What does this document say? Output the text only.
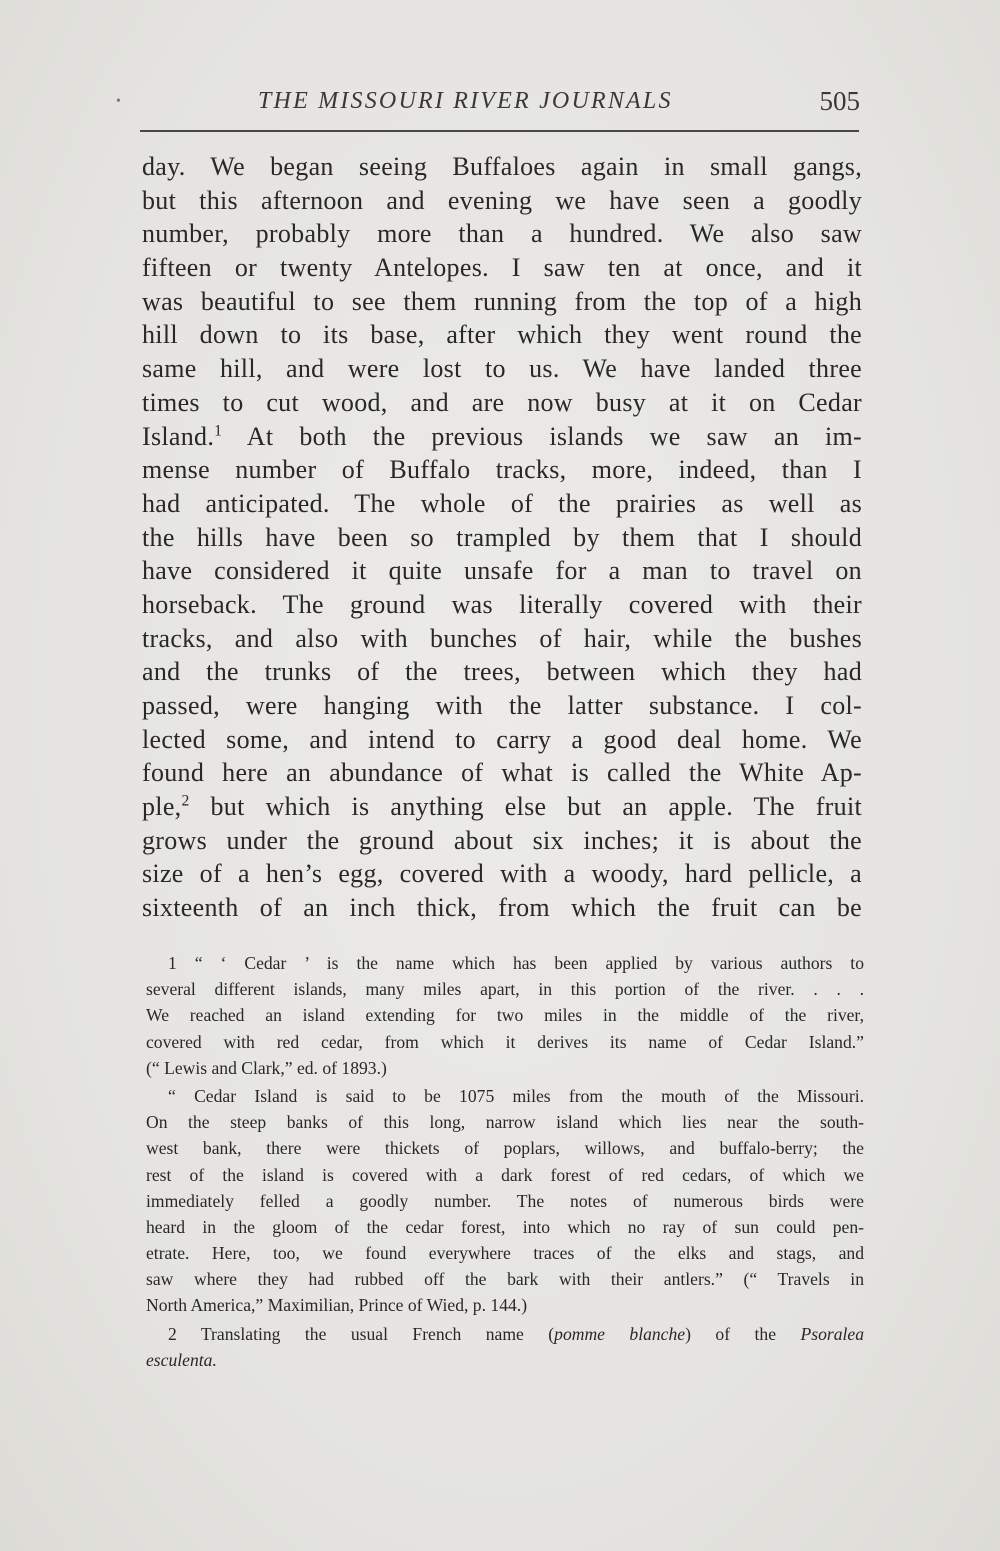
•	THE MISSOURI RIVER JOURNALS	505
day. We began seeing Buffaloes again in small gangs,
but this afternoon and evening we have seen a goodly
number, probably more than a hundred. We also saw
fifteen or twenty Antelopes. I saw ten at once, and it
was beautiful to see them running from the top of a high
hill down to its base, after which they went round the
same hill, and were lost to us. We have landed three
times to cut wood, and are now busy at it on Cedar
Island.$^1$ At both the previous islands we saw an im-
mense number of Buffalo tracks, more, indeed, than I
had anticipated. The whole of the prairies as well as
the hills have been so trampled by them that I should
have considered it quite unsafe for a man to travel on
horseback. The ground was literally covered with their
tracks, and also with bunches of hair, while the bushes
and the trunks of the trees, between which they had
passed, were hanging with the latter substance. I col-
lected some, and intend to carry a good deal home. We
found here an abundance of what is called the White Ap-
ple,$^2$ but which is anything else but an apple. The fruit
grows under the ground about six inches; it is about the
size of a hen’s egg, covered with a woody, hard pellicle, a
sixteenth of an inch thick, from which the fruit can be
1 “ ‘ Cedar ’ is the name which has been applied by various authors to
several different islands, many miles apart, in this portion of the river. . . .
We reached an island extending for two miles in the middle of the river,
covered with red cedar, from which it derives its name of Cedar Island.”
(“ Lewis and Clark,” ed. of 1893.)
“ Cedar Island is said to be 1075 miles from the mouth of the Missouri.
On the steep banks of this long, narrow island which lies near the south-
west bank, there were thickets of poplars, willows, and buffalo-berry; the
rest of the island is covered with a dark forest of red cedars, of which we
immediately felled a goodly number. The notes of numerous birds were
heard in the gloom of the cedar forest, into which no ray of sun could pen-
etrate. Here, too, we found everywhere traces of the elks and stags, and
saw where they had rubbed off the bark with their antlers.” (“ Travels in
North America,” Maximilian, Prince of Wied, p. 144.)
2 Translating the usual French name (pomme blanche) of the Psoralea
esculenta.
